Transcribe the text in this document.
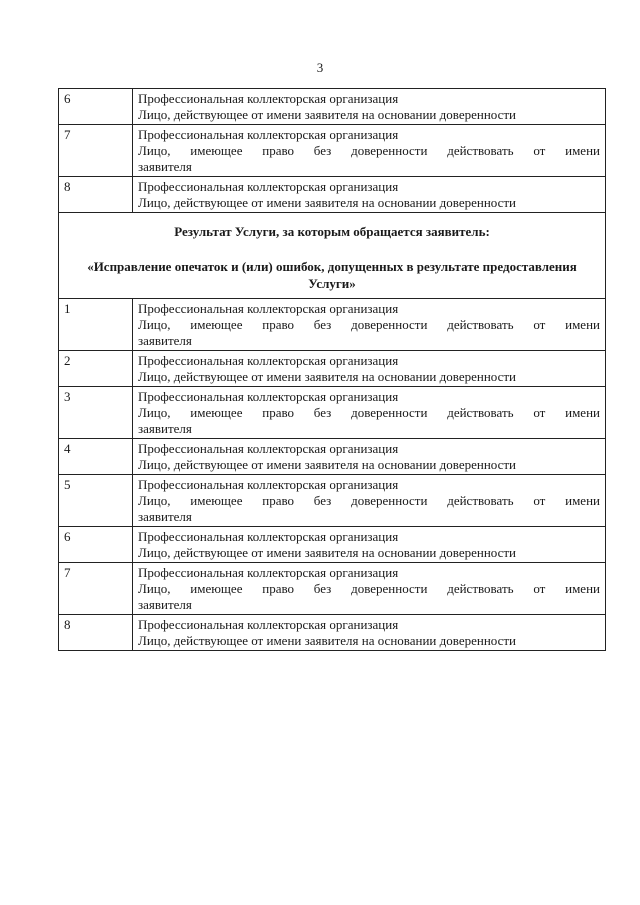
3
6	Профессиональная коллекторская организация
Лицо, действующее от имени заявителя на основании доверенности

7	Профессиональная коллекторская организация
Лицо, имеющее право без доверенности действовать от имени
заявителя

8	Профессиональная коллекторская организация
Лицо, действующее от имени заявителя на основании доверенности

Результат Услуги, за которым обращается заявитель:
«Исправление опечаток и (или) ошибок, допущенных в результате предоставления Услуги»	

1	Профессиональная коллекторская организация
Лицо, имеющее право без доверенности действовать от имени
заявителя

2	Профессиональная коллекторская организация
Лицо, действующее от имени заявителя на основании доверенности

3	Профессиональная коллекторская организация
Лицо, имеющее право без доверенности действовать от имени
заявителя

4	Профессиональная коллекторская организация
Лицо, действующее от имени заявителя на основании доверенности

5	Профессиональная коллекторская организация
Лицо, имеющее право без доверенности действовать от имени
заявителя

6	Профессиональная коллекторская организация
Лицо, действующее от имени заявителя на основании доверенности

7	Профессиональная коллекторская организация
Лицо, имеющее право без доверенности действовать от имени
заявителя

8	Профессиональная коллекторская организация
Лицо, действующее от имени заявителя на основании доверенности
